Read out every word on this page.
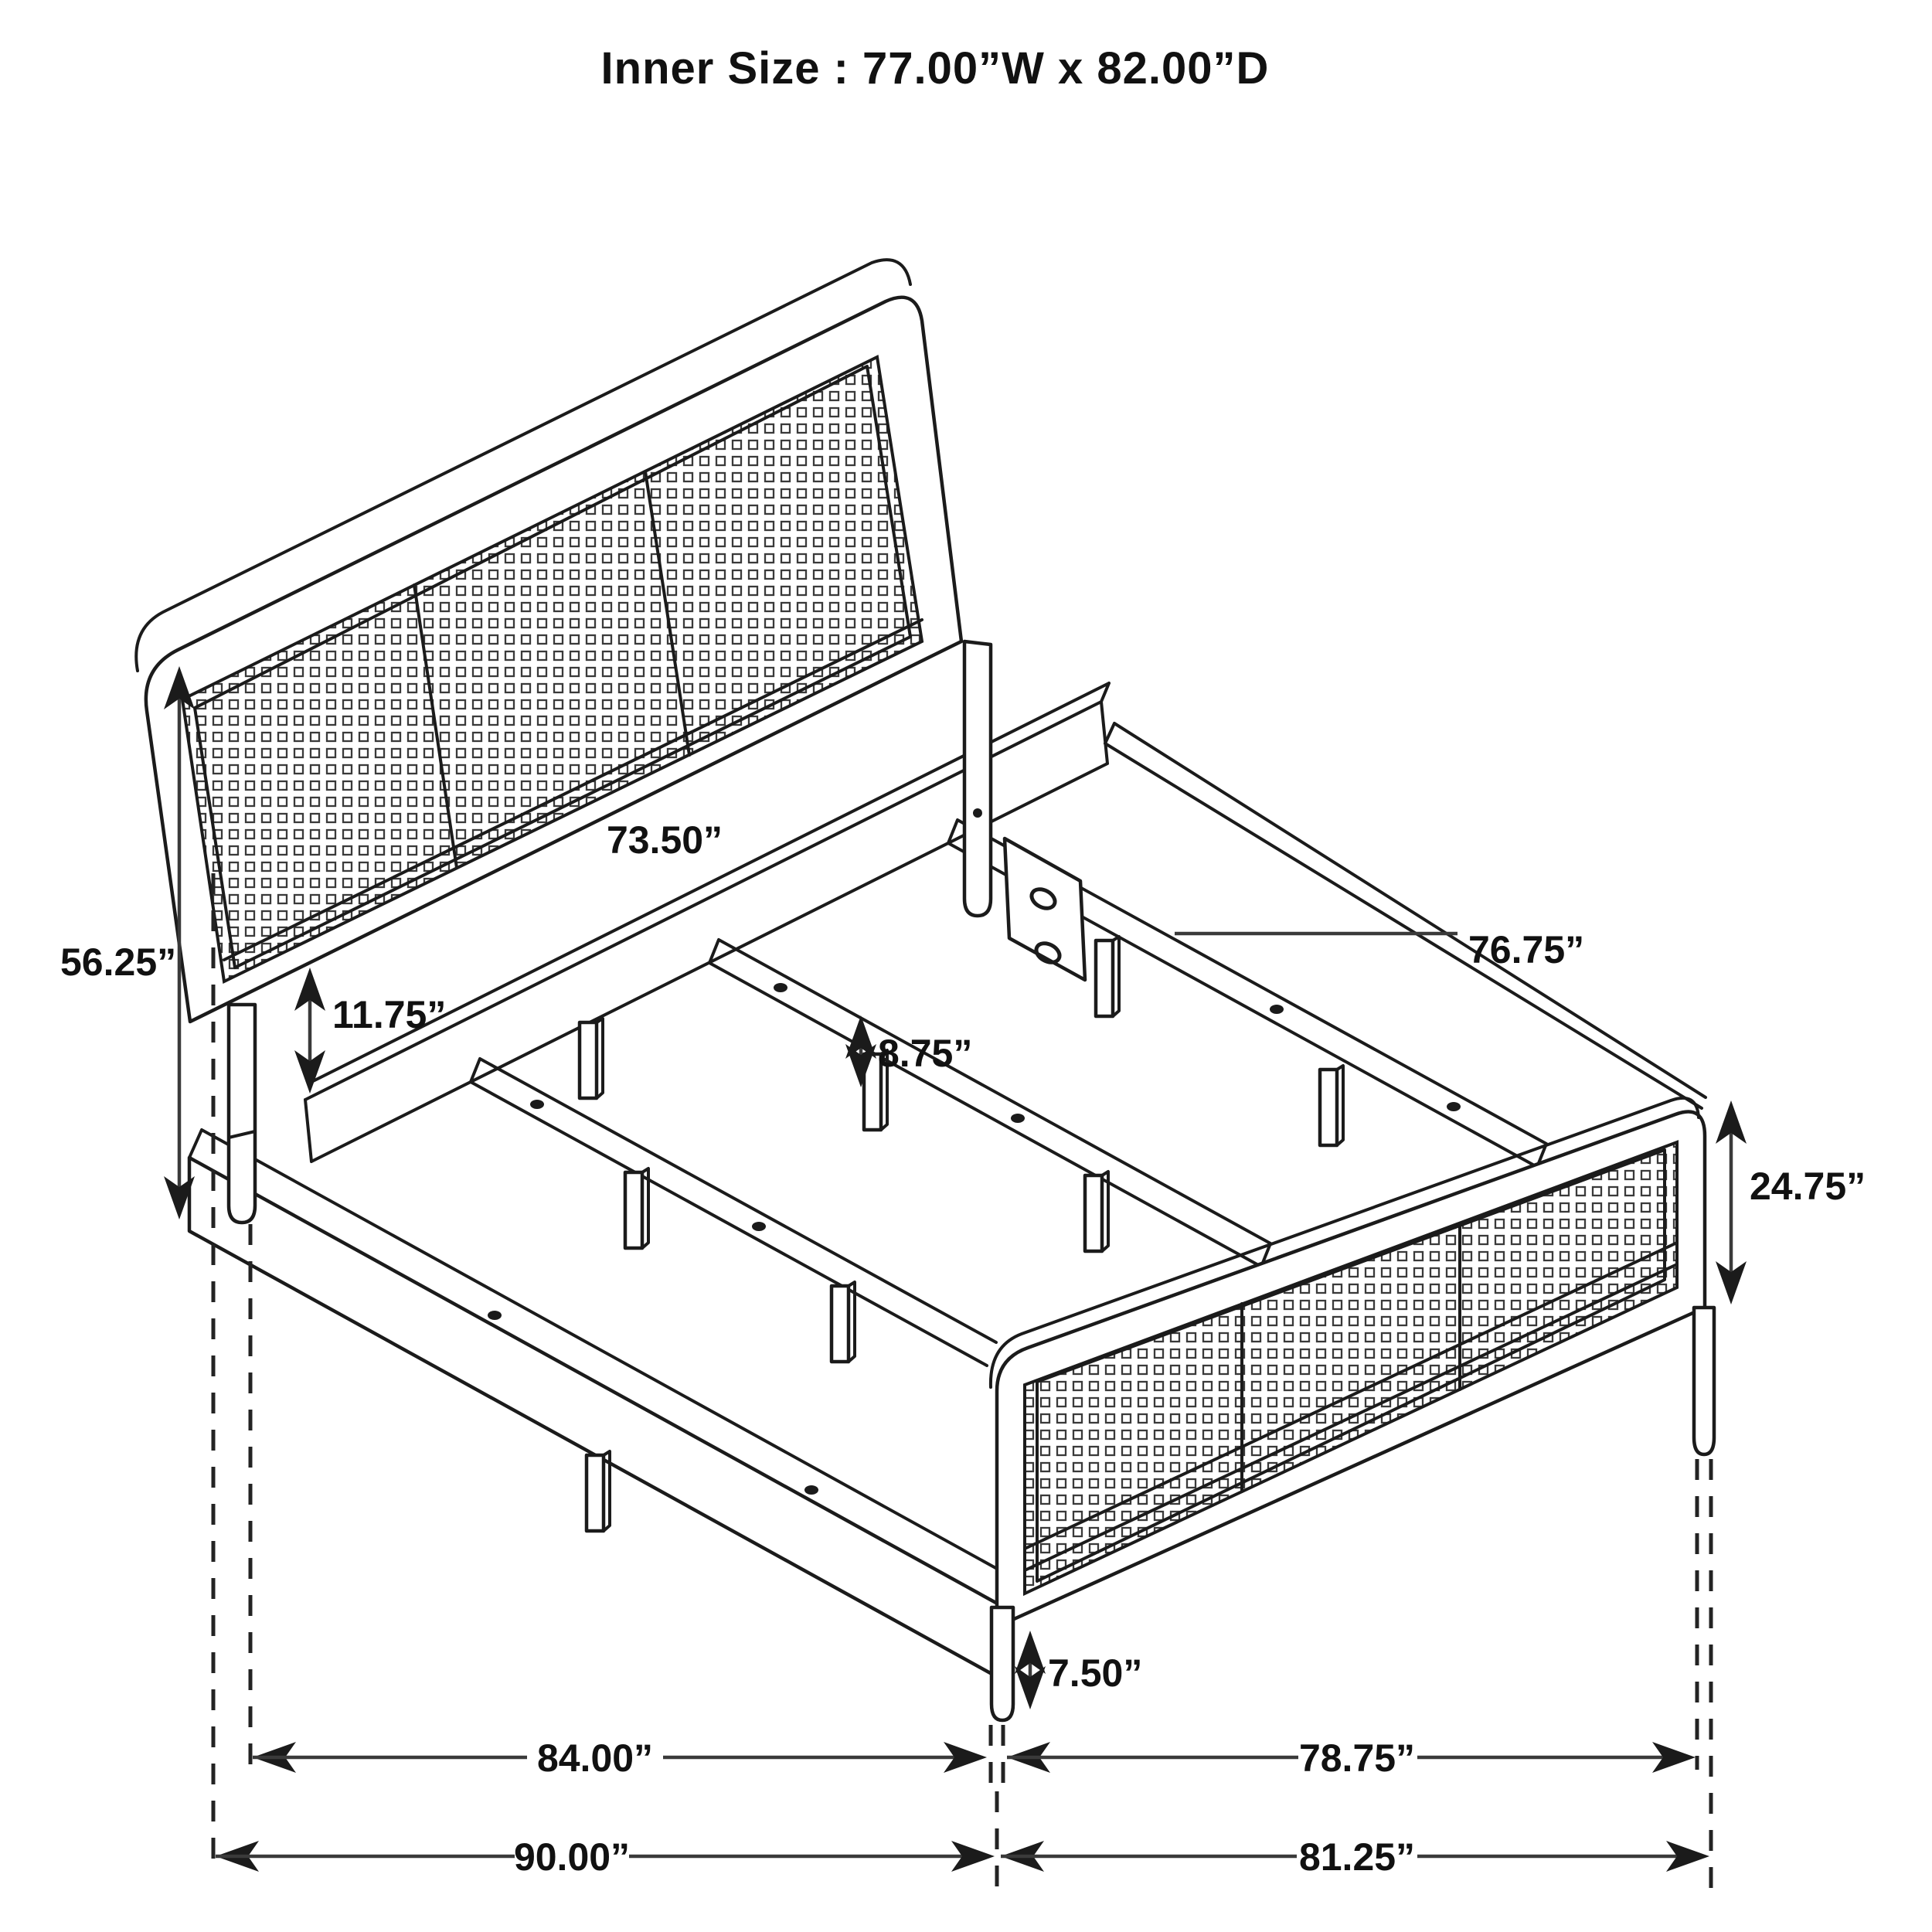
Inner Size : 77.00”W x 82.00”D
56.25”
11.75”
73.50”
76.75”
8.75”
24.75”
7.50”
84.00”	78.75”
90.00”	81.25”
